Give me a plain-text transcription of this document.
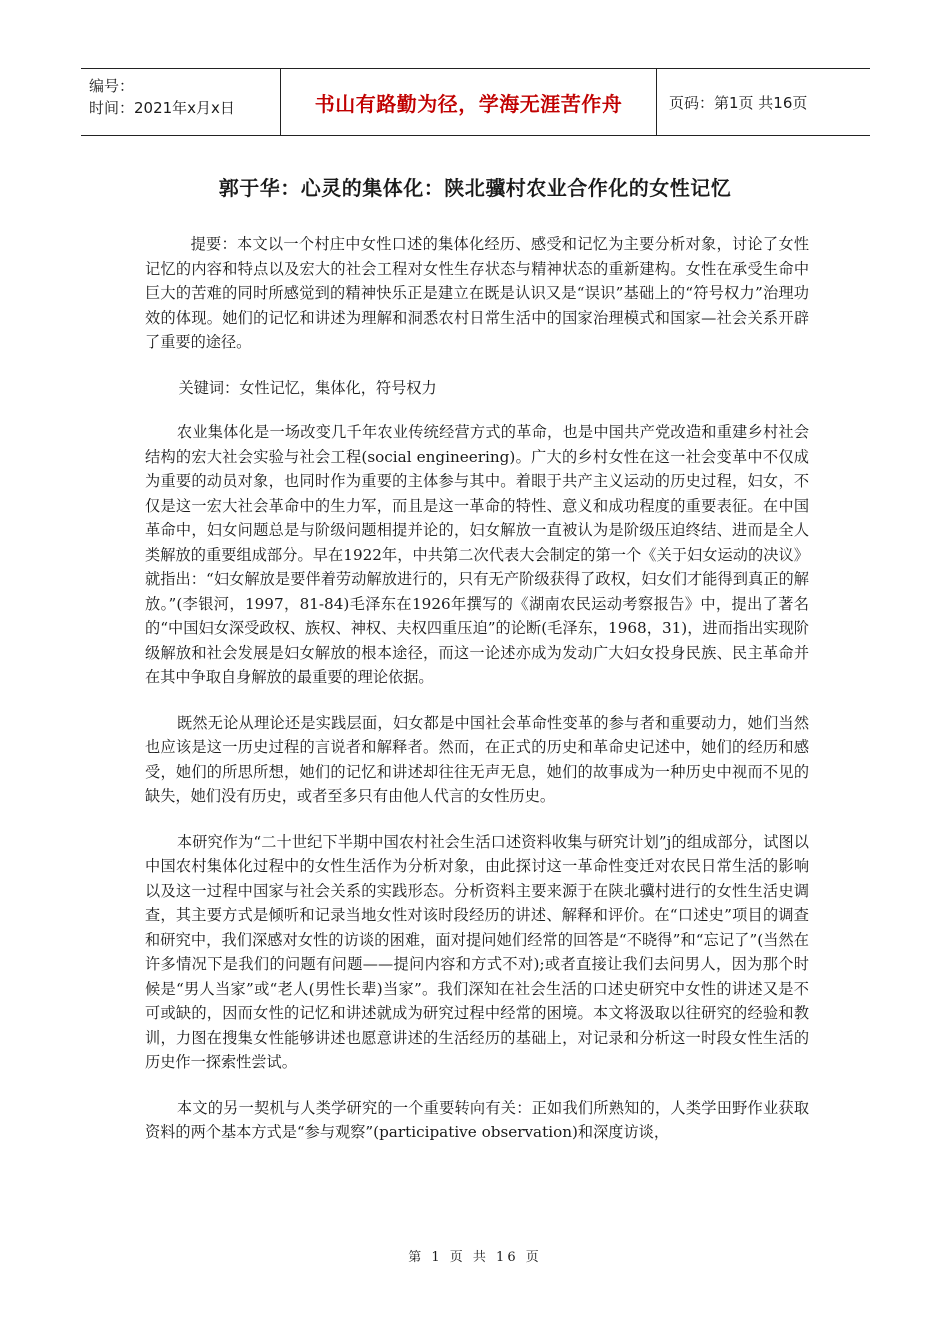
编号：
时间：2021年x月x日	书山有路勤为径，学海无涯苦作舟	页码：第1页 共16页
郭于华：心灵的集体化：陕北骥村农业合作化的女性记忆

提要：本文以一个村庄中女性口述的集体化经历、感受和记忆为主要分析对象，讨论了女性记忆的内容和特点以及宏大的社会工程对女性生存状态与精神状态的重新建构。女性在承受生命中巨大的苦难的同时所感觉到的精神快乐正是建立在既是认识又是“误识”基础上的“符号权力”治理功效的体现。她们的记忆和讲述为理解和洞悉农村日常生活中的国家治理模式和国家—社会关系开辟了重要的途径。

关键词：女性记忆，集体化，符号权力

农业集体化是一场改变几千年农业传统经营方式的革命，也是中国共产党改造和重建乡村社会结构的宏大社会实验与社会工程(social engineering)。广大的乡村女性在这一社会变革中不仅成为重要的动员对象，也同时作为重要的主体参与其中。着眼于共产主义运动的历史过程，妇女，不仅是这一宏大社会革命中的生力军，而且是这一革命的特性、意义和成功程度的重要表征。在中国革命中，妇女问题总是与阶级问题相提并论的，妇女解放一直被认为是阶级压迫终结、进而是全人类解放的重要组成部分。早在1922年，中共第二次代表大会制定的第一个《关于妇女运动的决议》就指出：“妇女解放是要伴着劳动解放进行的，只有无产阶级获得了政权，妇女们才能得到真正的解放。”(李银河，1997，81-84)毛泽东在1926年撰写的《湖南农民运动考察报告》中，提出了著名的“中国妇女深受政权、族权、神权、夫权四重压迫”的论断(毛泽东，1968，31)，进而指出实现阶级解放和社会发展是妇女解放的根本途径，而这一论述亦成为发动广大妇女投身民族、民主革命并在其中争取自身解放的最重要的理论依据。

既然无论从理论还是实践层面，妇女都是中国社会革命性变革的参与者和重要动力，她们当然也应该是这一历史过程的言说者和解释者。然而，在正式的历史和革命史记述中，她们的经历和感受，她们的所思所想，她们的记忆和讲述却往往无声无息，她们的故事成为一种历史中视而不见的缺失，她们没有历史，或者至多只有由他人代言的女性历史。

本研究作为“二十世纪下半期中国农村社会生活口述资料收集与研究计划”j的组成部分，试图以中国农村集体化过程中的女性生活作为分析对象，由此探讨这一革命性变迁对农民日常生活的影响以及这一过程中国家与社会关系的实践形态。分析资料主要来源于在陕北骥村进行的女性生活史调查，其主要方式是倾听和记录当地女性对该时段经历的讲述、解释和评价。在“口述史”项目的调查和研究中，我们深感对女性的访谈的困难，面对提问她们经常的回答是“不晓得”和“忘记了”(当然在许多情况下是我们的问题有问题——提问内容和方式不对);或者直接让我们去问男人，因为那个时候是“男人当家”或“老人(男性长辈)当家”。我们深知在社会生活的口述史研究中女性的讲述又是不可或缺的，因而女性的记忆和讲述就成为研究过程中经常的困境。本文将汲取以往研究的经验和教训，力图在搜集女性能够讲述也愿意讲述的生活经历的基础上，对记录和分析这一时段女性生活的历史作一探索性尝试。

本文的另一契机与人类学研究的一个重要转向有关：正如我们所熟知的，人类学田野作业获取资料的两个基本方式是“参与观察”(participative observation)和深度访谈，

第 1 页 共 16 页
